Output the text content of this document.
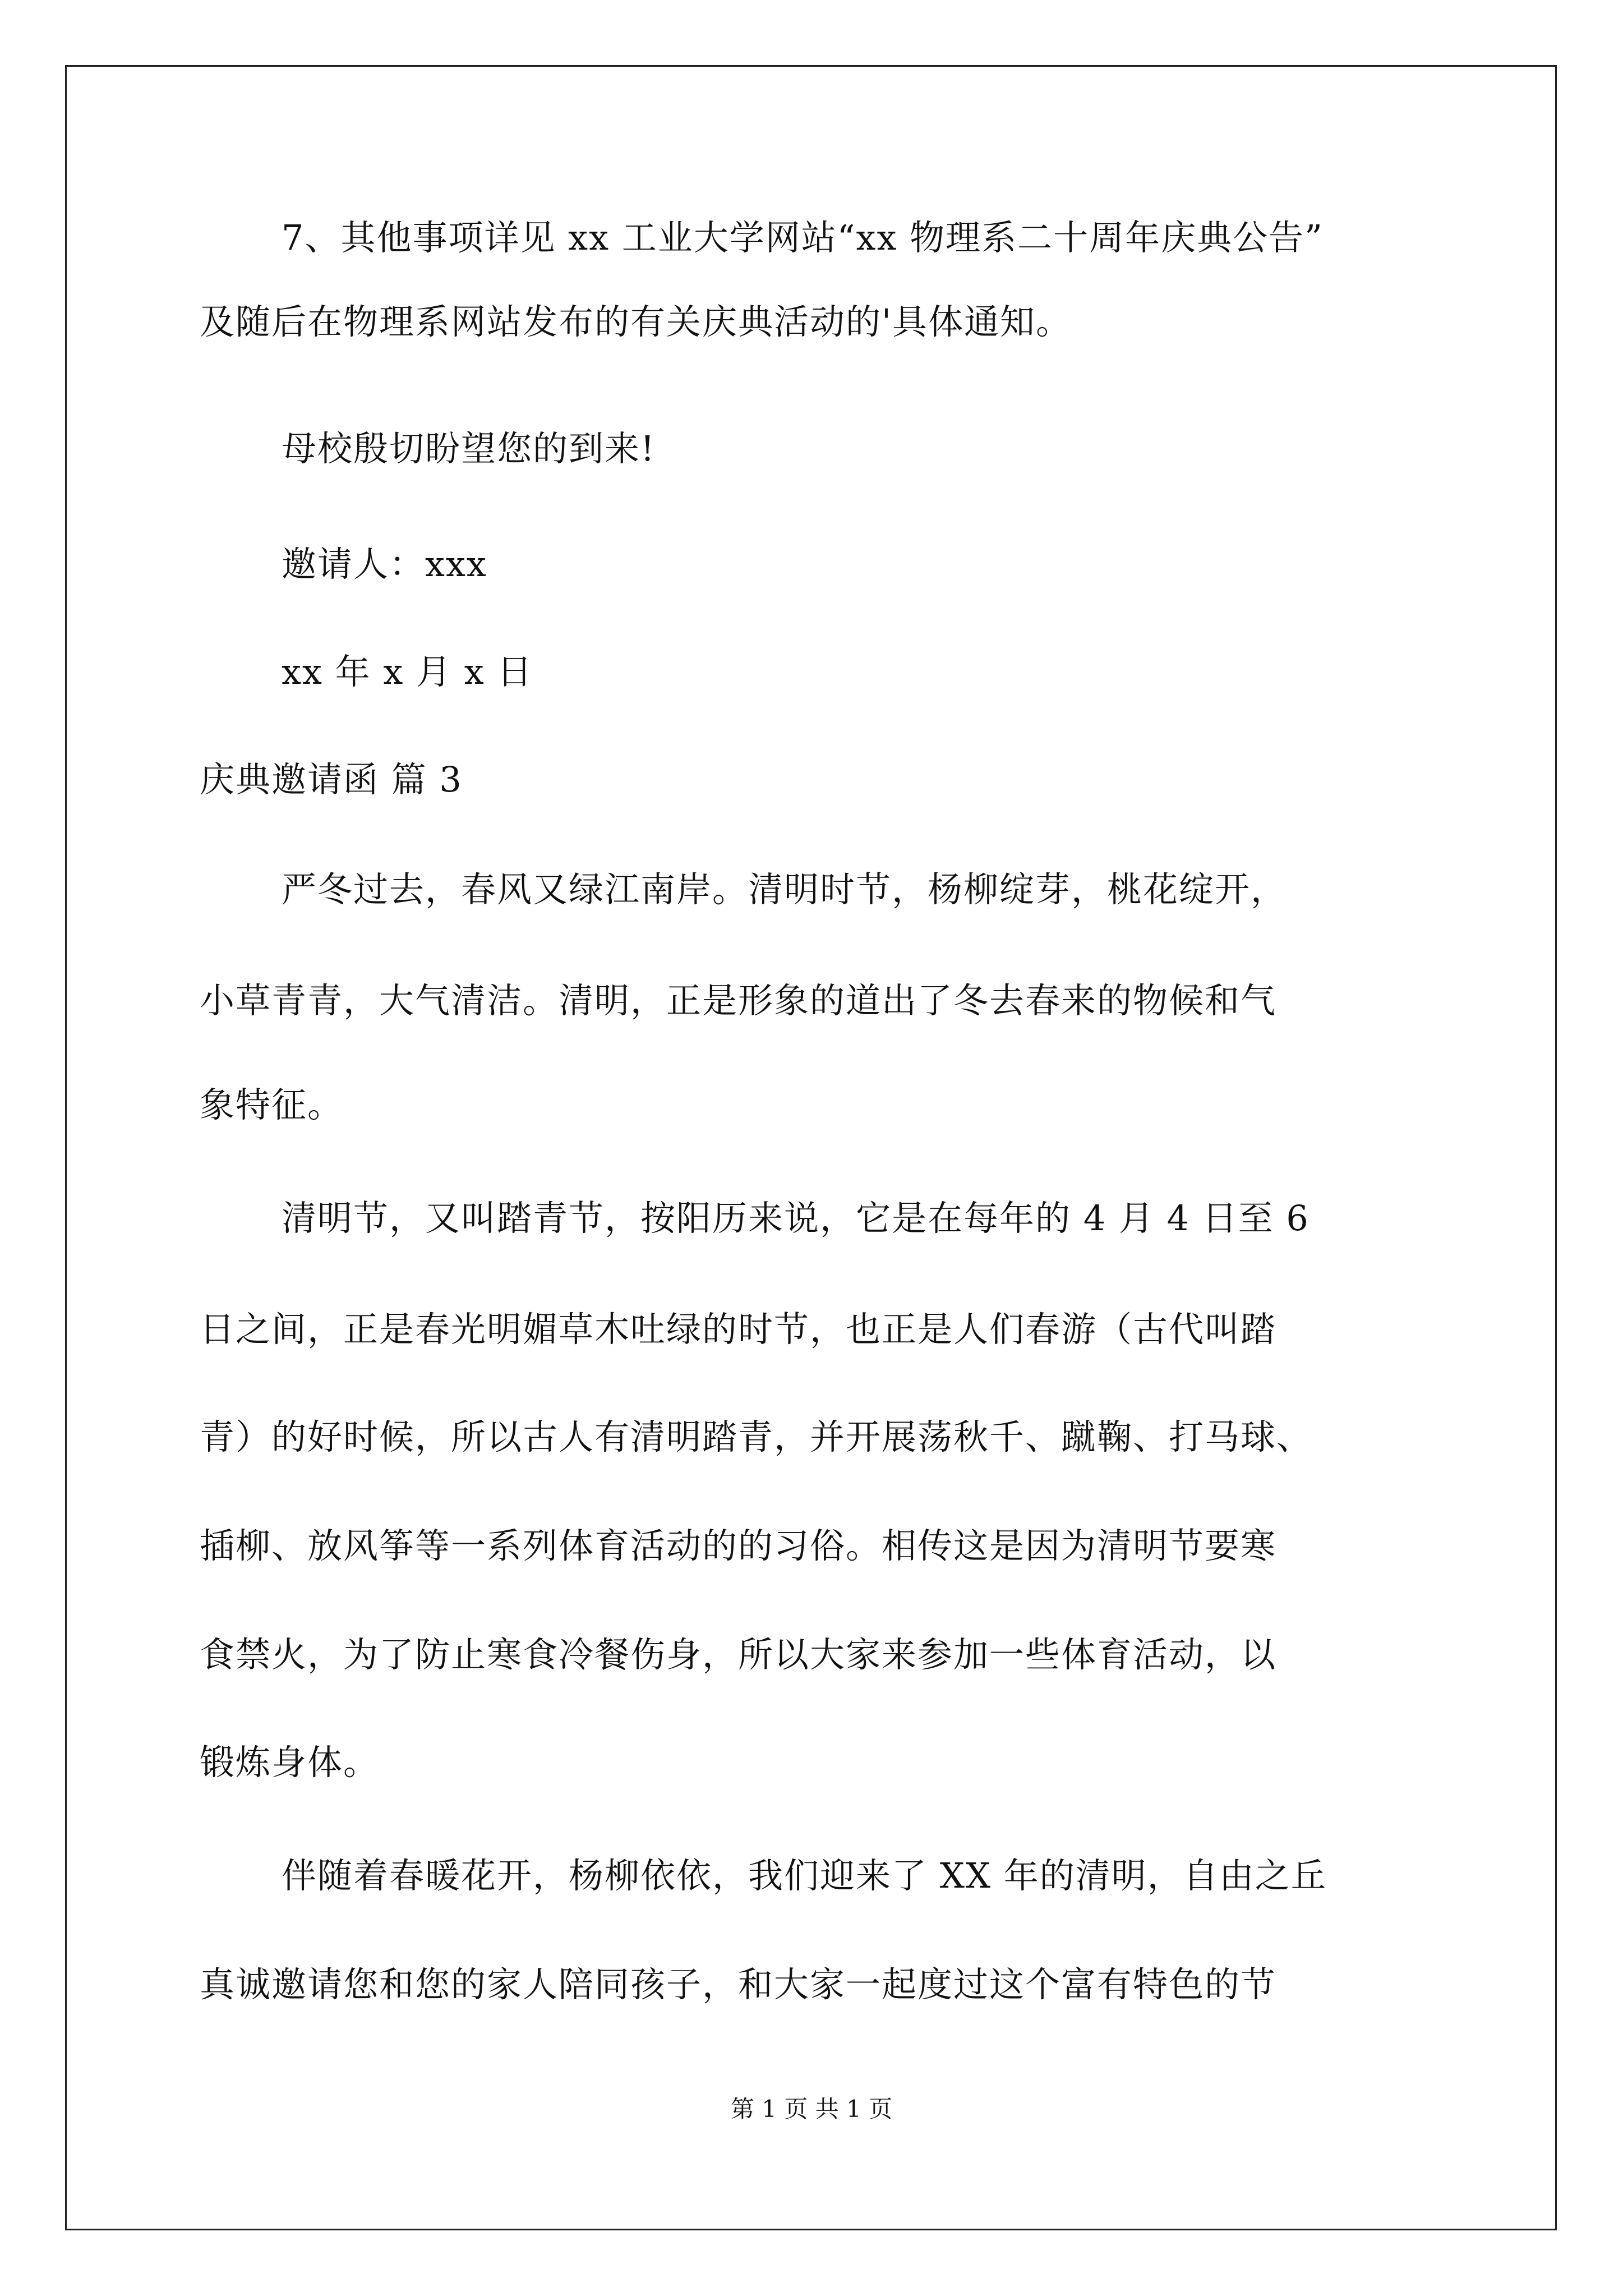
7、其他事项详见 xx 工业大学网站“xx 物理系二十周年庆典公告”
及随后在物理系网站发布的有关庆典活动的'具体通知。
母校殷切盼望您的到来!
邀请人：xxx
xx 年 x 月 x 日
庆典邀请函 篇 3
严冬过去，春风又绿江南岸。清明时节，杨柳绽芽，桃花绽开，
小草青青，大气清洁。清明，正是形象的道出了冬去春来的物候和气
象特征。
清明节，又叫踏青节，按阳历来说，它是在每年的 4 月 4 日至 6
日之间，正是春光明媚草木吐绿的时节，也正是人们春游（古代叫踏
青）的好时候，所以古人有清明踏青，并开展荡秋千、蹴鞠、打马球、
插柳、放风筝等一系列体育活动的的习俗。相传这是因为清明节要寒
食禁火，为了防止寒食冷餐伤身，所以大家来参加一些体育活动，以
锻炼身体。
伴随着春暖花开，杨柳依依，我们迎来了 XX 年的清明，自由之丘
真诚邀请您和您的家人陪同孩子，和大家一起度过这个富有特色的节
第 1 页 共 1 页
